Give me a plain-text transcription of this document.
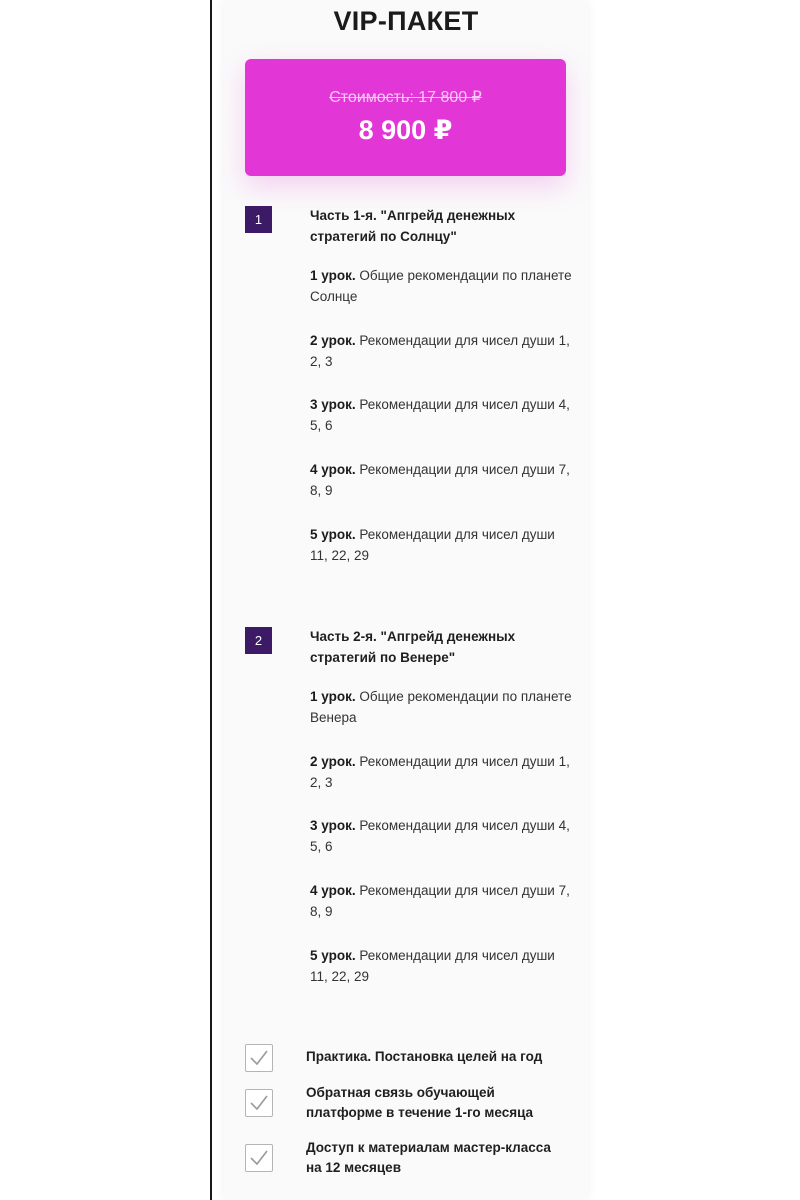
VIP-ПАКЕТ
Стоимость: 17 800 ₽
8 900 ₽
1	Часть 1-я. "Апгрейд денежных стратегий по Солнцу"
1 урок. Общие рекомендации по планете Солнце
2 урок. Рекомендации для чисел души 1, 2, 3
3 урок. Рекомендации для чисел души 4, 5, 6
4 урок. Рекомендации для чисел души 7, 8, 9
5 урок. Рекомендации для чисел души 11, 22, 29
2	Часть 2-я. "Апгрейд денежных стратегий по Венере"
1 урок. Общие рекомендации по планете Венера
2 урок. Рекомендации для чисел души 1, 2, 3
3 урок. Рекомендации для чисел души 4, 5, 6
4 урок. Рекомендации для чисел души 7, 8, 9
5 урок. Рекомендации для чисел души 11, 22, 29
Практика. Постановка целей на год
Обратная связь обучающей платформе в течение 1-го месяца
Доступ к материалам мастер-класса на 12 месяцев
